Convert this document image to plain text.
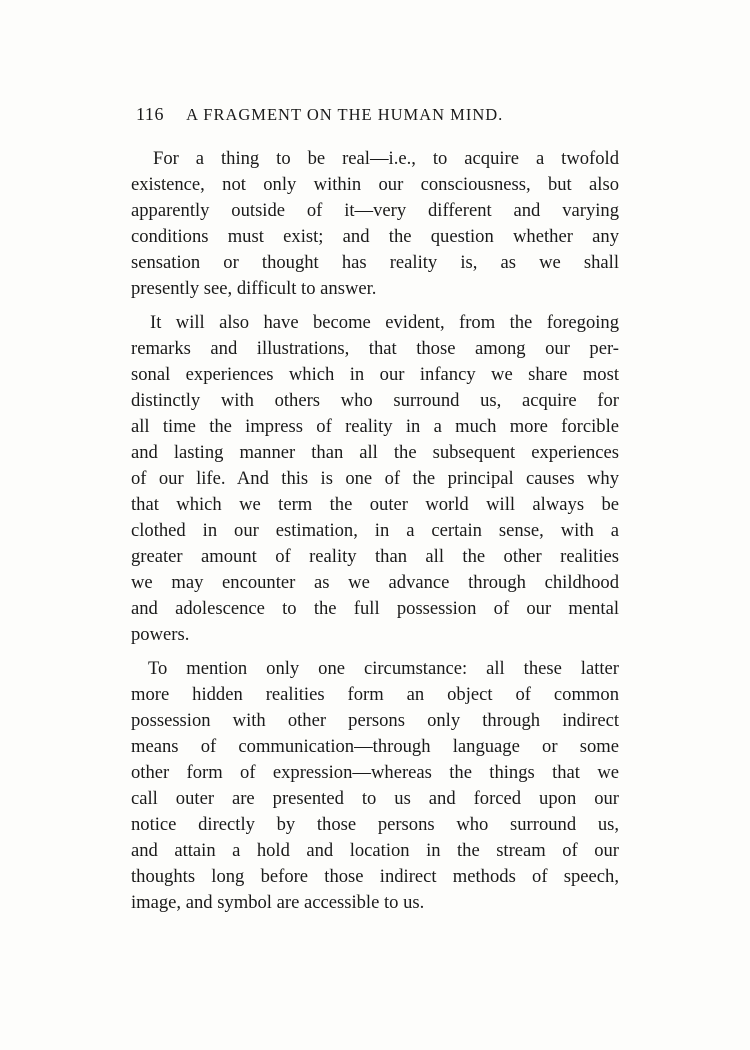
116 A FRAGMENT ON THE HUMAN MIND.
For a thing to be real—i.e., to acquire a twofold
existence, not only within our consciousness, but also
apparently outside of it—very different and varying
conditions must exist; and the question whether any
sensation or thought has reality is, as we shall
presently see, difficult to answer.
It will also have become evident, from the foregoing
remarks and illustrations, that those among our per-
sonal experiences which in our infancy we share most
distinctly with others who surround us, acquire for
all time the impress of reality in a much more forcible
and lasting manner than all the subsequent experiences
of our life. And this is one of the principal causes why
that which we term the outer world will always be
clothed in our estimation, in a certain sense, with a
greater amount of reality than all the other realities
we may encounter as we advance through childhood
and adolescence to the full possession of our mental
powers.
To mention only one circumstance: all these latter
more hidden realities form an object of common
possession with other persons only through indirect
means of communication—through language or some
other form of expression—whereas the things that we
call outer are presented to us and forced upon our
notice directly by those persons who surround us,
and attain a hold and location in the stream of our
thoughts long before those indirect methods of speech,
image, and symbol are accessible to us.
